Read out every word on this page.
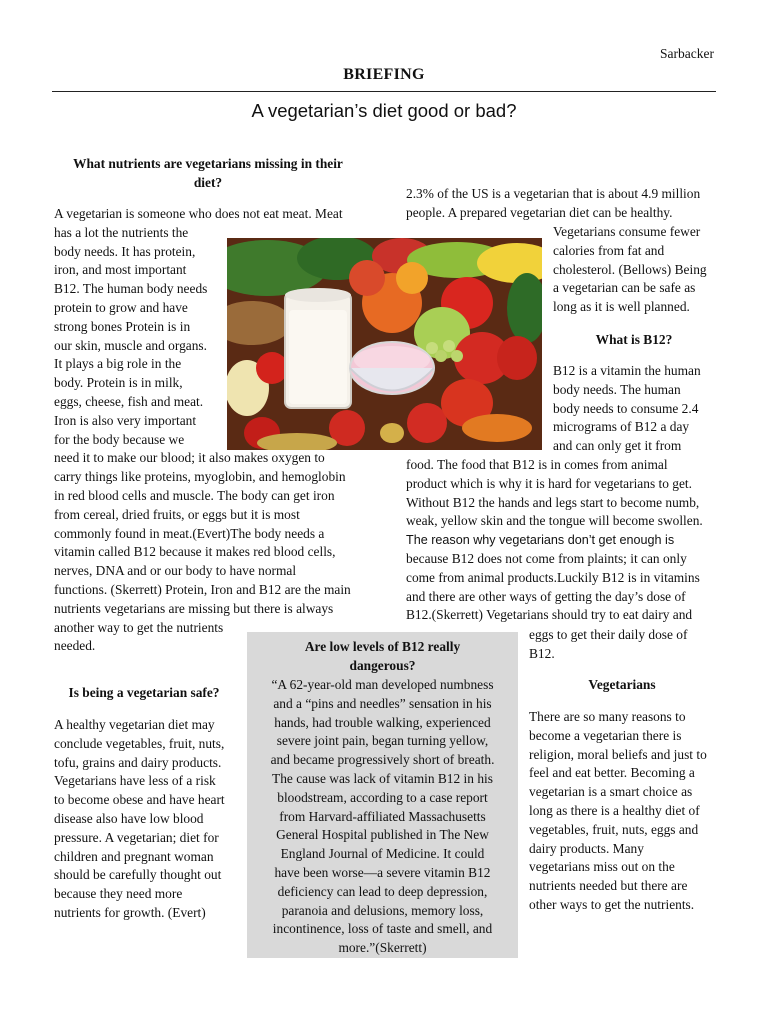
Sarbacker
BRIEFING
A vegetarian’s diet good or bad?
What nutrients are vegetarians missing in their diet?
A vegetarian is someone who does not eat meat. Meat
has a lot the nutrients the
body needs. It has protein,
iron, and most important
B12. The human body needs
protein to grow and have
strong bones Protein is in
our skin, muscle and organs.
It plays a big role in the
body. Protein is in milk,
eggs, cheese, fish and meat.
Iron is also very important
for the body because we
need it to make our blood; it also makes oxygen to
carry things like proteins, myoglobin, and hemoglobin
in red blood cells and muscle. The body can get iron
from cereal, dried fruits, or eggs but it is most
commonly found in meat.(Evert)The body needs a
vitamin called B12 because it makes red blood cells,
nerves, DNA and or our body to have normal
functions. (Skerrett) Protein, Iron and B12 are the main
nutrients vegetarians are missing but there is always
another way to get the nutrients
needed.
Is being a vegetarian safe?
A healthy vegetarian diet may
conclude vegetables, fruit, nuts,
tofu, grains and dairy products.
Vegetarians have less of a risk
to become obese and have heart
disease also have low blood
pressure. A vegetarian; diet for
children and pregnant woman
should be carefully thought out
because they need more
nutrients for growth. (Evert)
2.3% of the US is a vegetarian that is about 4.9 million
people. A prepared vegetarian diet can be healthy.
Vegetarians consume fewer
calories from fat and
cholesterol. (Bellows) Being
a vegetarian can be safe as
long as it is well planned.
What is B12?
B12 is a vitamin the human
body needs. The human
body needs to consume 2.4
micrograms of B12 a day
and can only get it from
food. The food that B12 is in comes from animal
product which is why it is hard for vegetarians to get.
Without B12 the hands and legs start to become numb,
weak, yellow skin and the tongue will become swollen.
The reason why vegetarians don’t get enough is
because B12 does not come from plaints; it can only
come from animal products.Luckily B12 is in vitamins
and there are other ways of getting the day’s dose of
B12.(Skerrett) Vegetarians should try to eat dairy and
eggs to get their daily dose of
B12.
Vegetarians
There are so many reasons to
become a vegetarian there is
religion, moral beliefs and just to
feel and eat better. Becoming a
vegetarian is a smart choice as
long as there is a healthy diet of
vegetables, fruit, nuts, eggs and
dairy products. Many
vegetarians miss out on the
nutrients needed but there are
other ways to get the nutrients.
Are low levels of B12 really dangerous?
“A 62-year-old man developed numbness
and a “pins and needles” sensation in his
hands, had trouble walking, experienced
severe joint pain, began turning yellow,
and became progressively short of breath.
The cause was lack of vitamin B12 in his
bloodstream, according to a case report
from Harvard-affiliated Massachusetts
General Hospital published in The New
England Journal of Medicine. It could
have been worse—a severe vitamin B12
deficiency can lead to deep depression,
paranoia and delusions, memory loss,
incontinence, loss of taste and smell, and
more.”(Skerrett)
